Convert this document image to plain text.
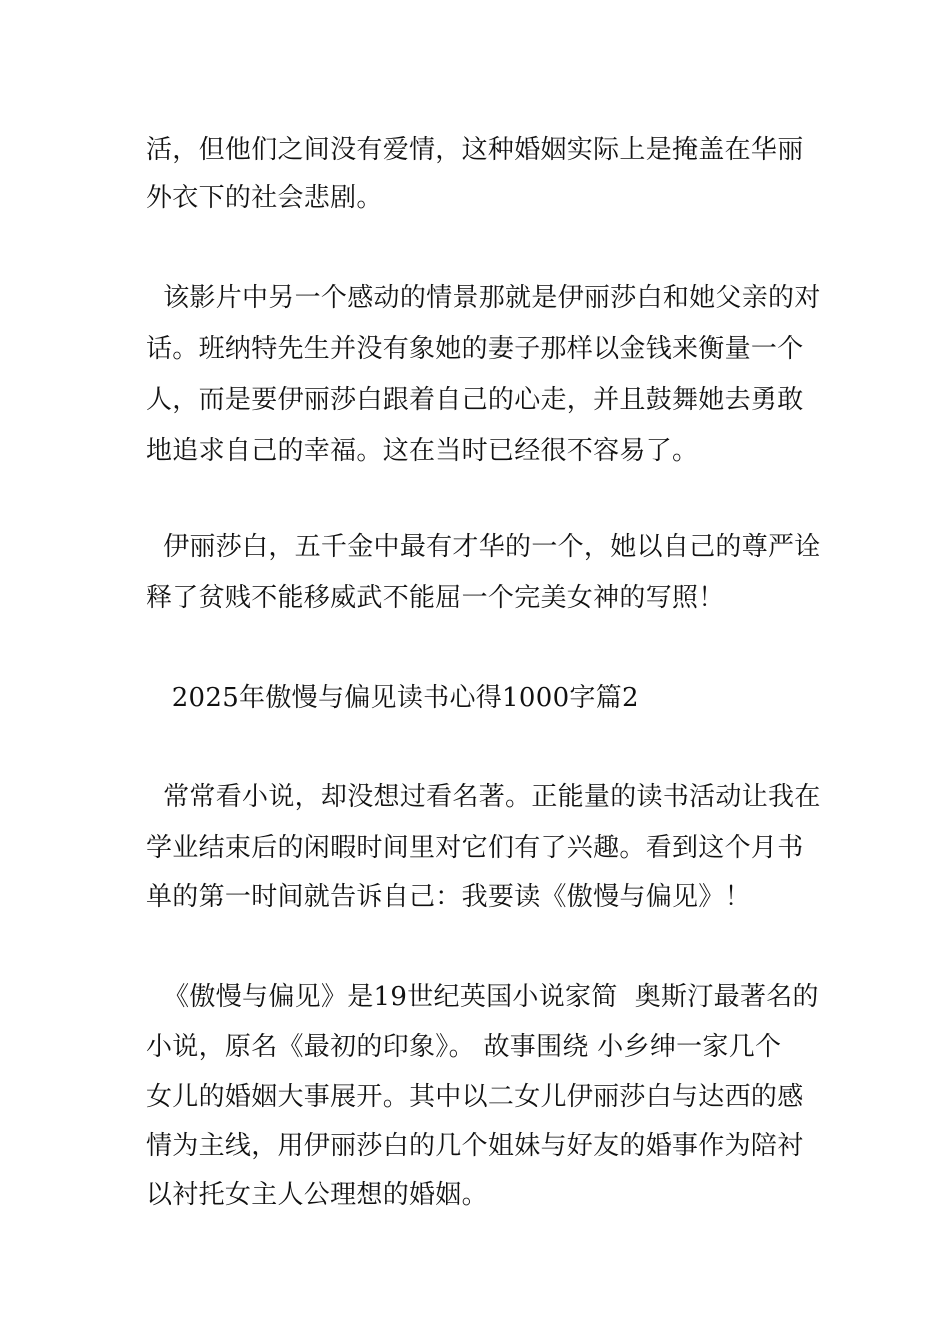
活，但他们之间没有爱情，这种婚姻实际上是掩盖在华丽
外衣下的社会悲剧。
该影片中另一个感动的情景那就是伊丽莎白和她父亲的对
话。班纳特先生并没有象她的妻子那样以金钱来衡量一个
人，而是要伊丽莎白跟着自己的心走，并且鼓舞她去勇敢
地追求自己的幸福。这在当时已经很不容易了。
伊丽莎白，五千金中最有才华的一个，她以自己的尊严诠
释了贫贱不能移威武不能屈一个完美女神的写照！
2025年傲慢与偏见读书心得1000字篇2
常常看小说，却没想过看名著。正能量的读书活动让我在
学业结束后的闲暇时间里对它们有了兴趣。看到这个月书
单的第一时间就告诉自己：我要读《傲慢与偏见》！
《傲慢与偏见》是19世纪英国小说家简  奥斯汀最著名的
小说，原名《最初的印象》。 故事围绕 小乡绅一家几个
女儿的婚姻大事展开。其中以二女儿伊丽莎白与达西的感
情为主线，用伊丽莎白的几个姐妹与好友的婚事作为陪衬
以衬托女主人公理想的婚姻。
